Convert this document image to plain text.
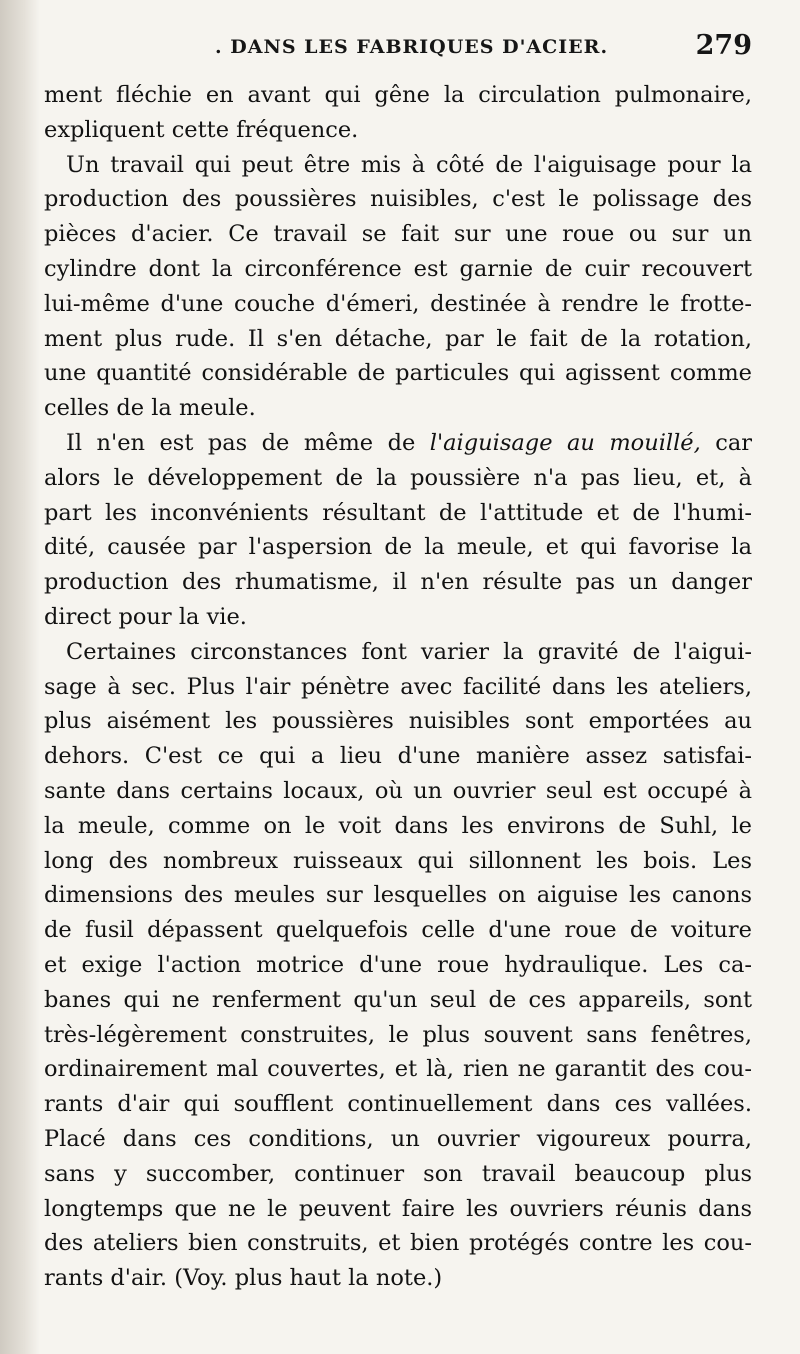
. DANS LES FABRIQUES D'ACIER.	279
ment fléchie en avant qui gêne la circulation pulmonaire,
expliquent cette fréquence.
Un travail qui peut être mis à côté de l'aiguisage pour la
production des poussières nuisibles, c'est le polissage des
pièces d'acier. Ce travail se fait sur une roue ou sur un
cylindre dont la circonférence est garnie de cuir recouvert
lui-même d'une couche d'émeri, destinée à rendre le frotte-
ment plus rude. Il s'en détache, par le fait de la rotation,
une quantité considérable de particules qui agissent comme
celles de la meule.
Il n'en est pas de même de l'aiguisage au mouillé, car
alors le développement de la poussière n'a pas lieu, et, à
part les inconvénients résultant de l'attitude et de l'humi-
dité, causée par l'aspersion de la meule, et qui favorise la
production des rhumatisme, il n'en résulte pas un danger
direct pour la vie.
Certaines circonstances font varier la gravité de l'aigui-
sage à sec. Plus l'air pénètre avec facilité dans les ateliers,
plus aisément les poussières nuisibles sont emportées au
dehors. C'est ce qui a lieu d'une manière assez satisfai-
sante dans certains locaux, où un ouvrier seul est occupé à
la meule, comme on le voit dans les environs de Suhl, le
long des nombreux ruisseaux qui sillonnent les bois. Les
dimensions des meules sur lesquelles on aiguise les canons
de fusil dépassent quelquefois celle d'une roue de voiture
et exige l'action motrice d'une roue hydraulique. Les ca-
banes qui ne renferment qu'un seul de ces appareils, sont
très-légèrement construites, le plus souvent sans fenêtres,
ordinairement mal couvertes, et là, rien ne garantit des cou-
rants d'air qui soufflent continuellement dans ces vallées.
Placé dans ces conditions, un ouvrier vigoureux pourra,
sans y succomber, continuer son travail beaucoup plus
longtemps que ne le peuvent faire les ouvriers réunis dans
des ateliers bien construits, et bien protégés contre les cou-
rants d'air. (Voy. plus haut la note.)
